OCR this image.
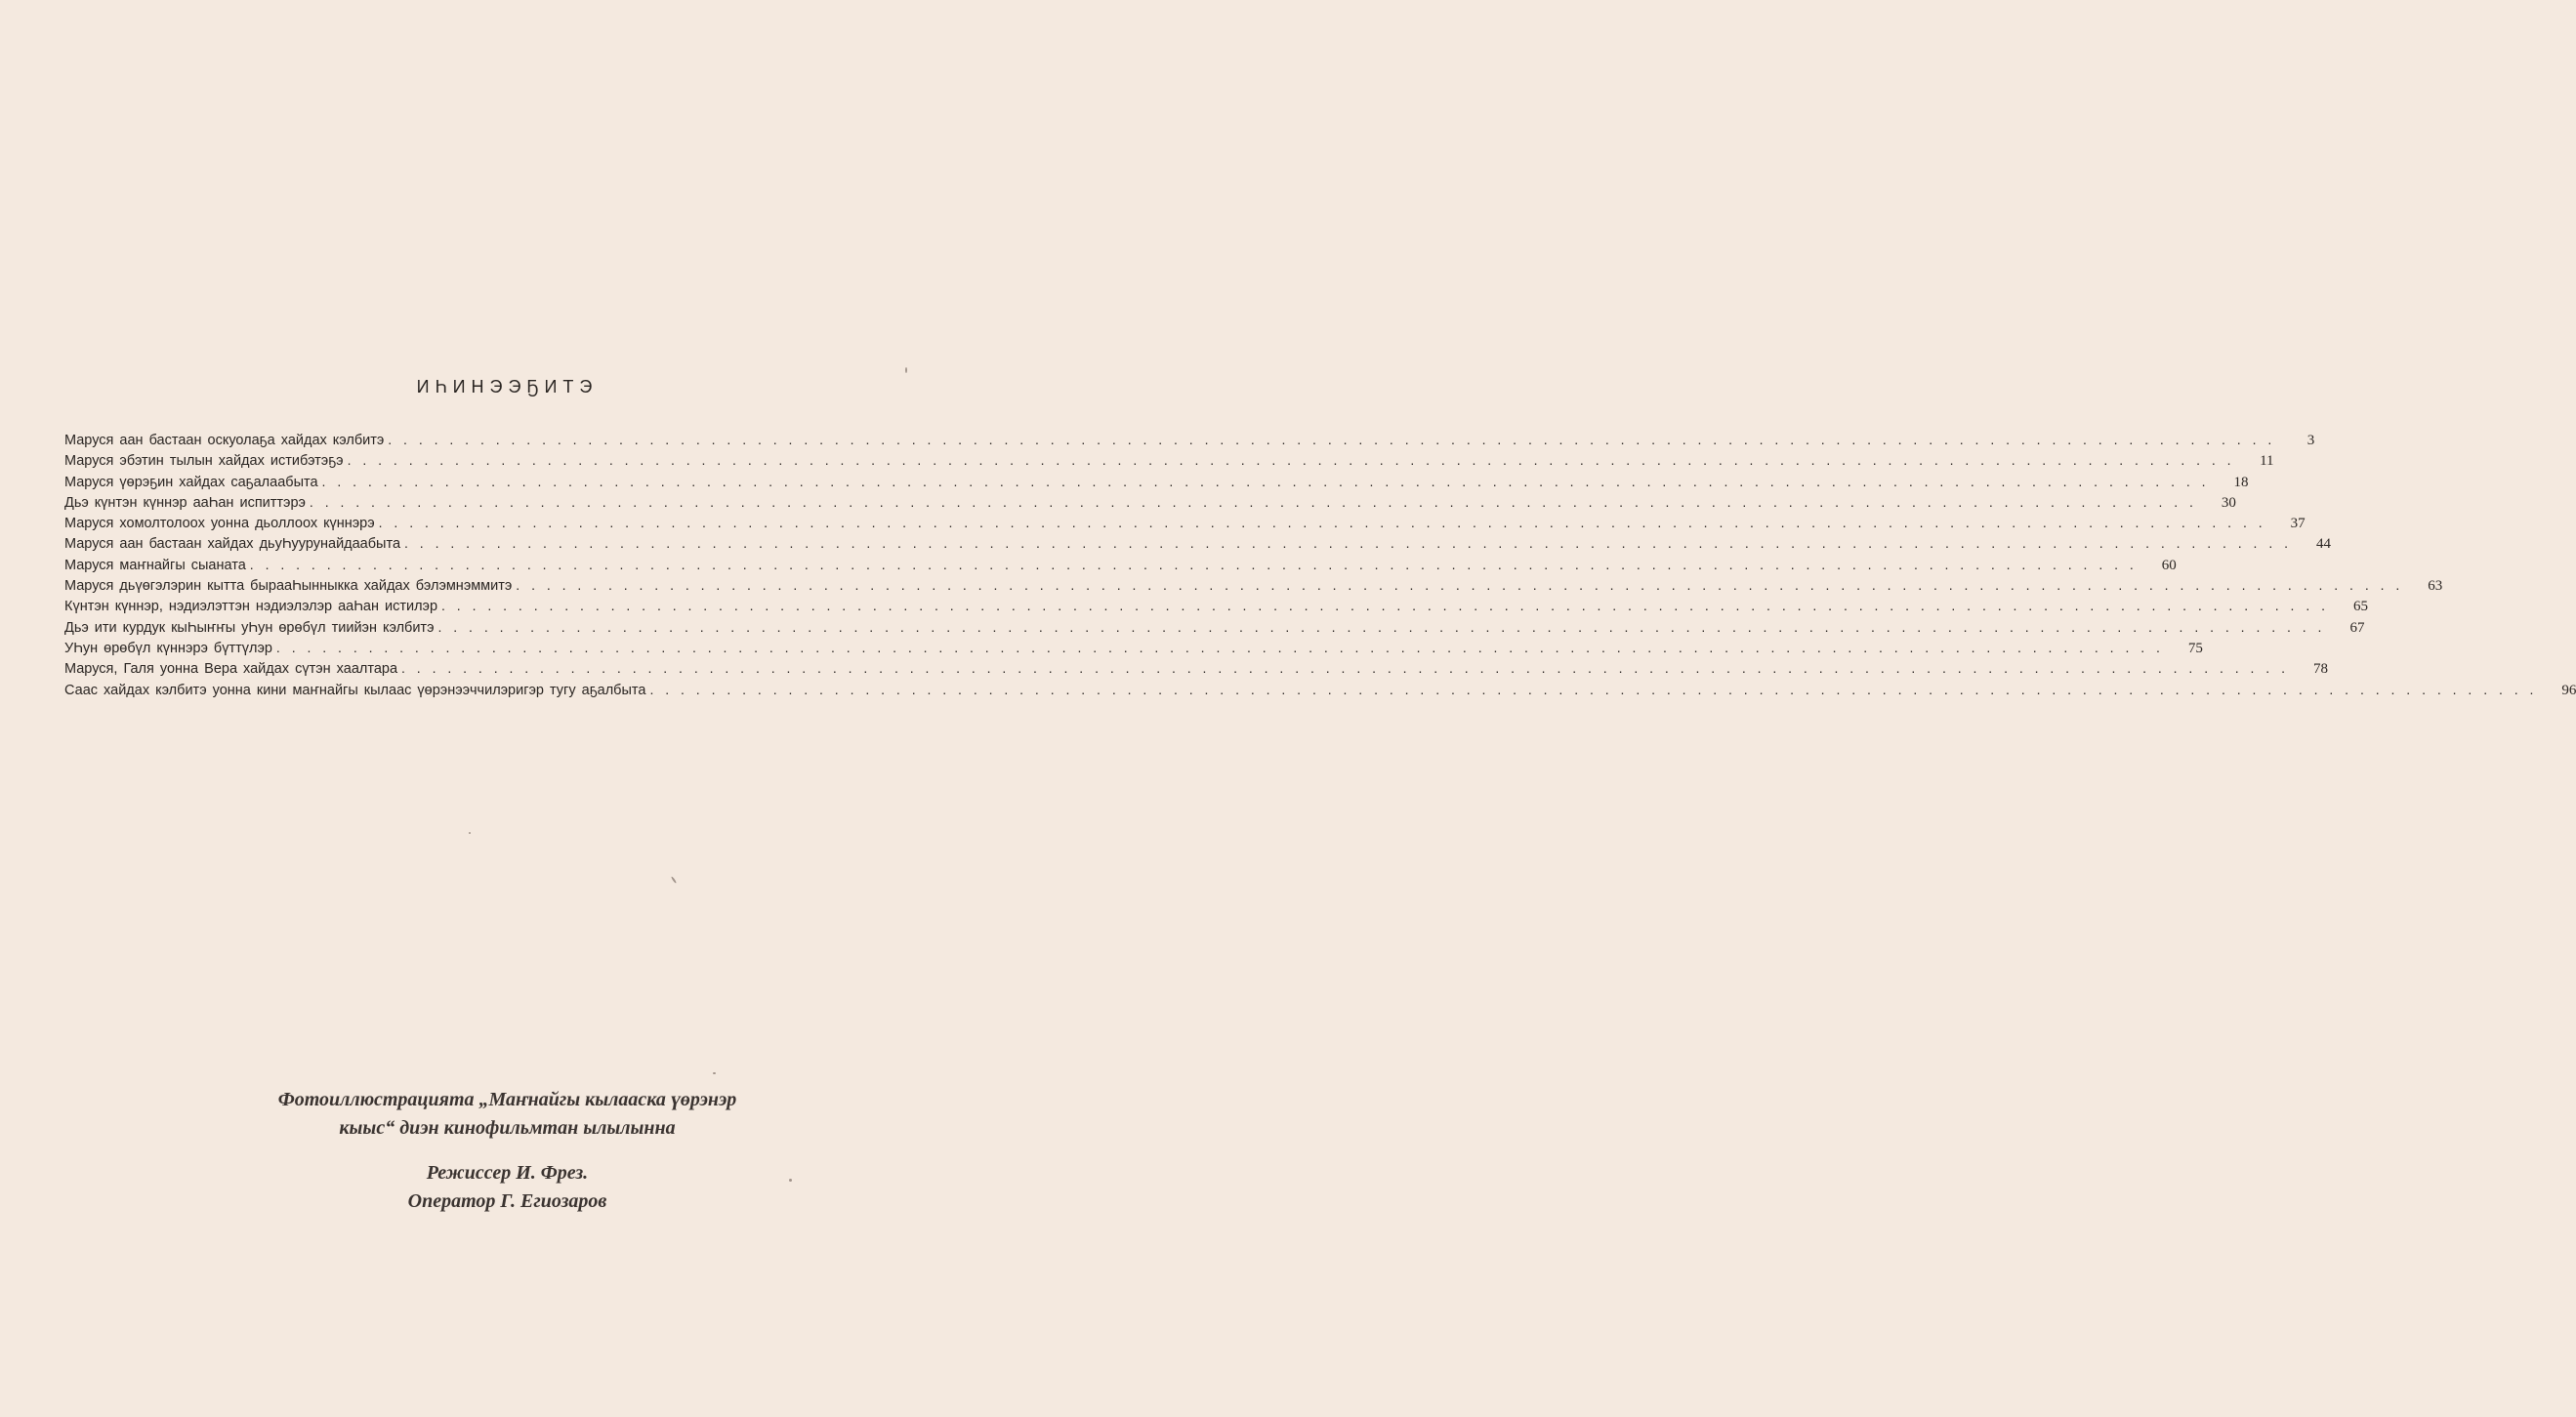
ИҺИНЭЭҔИТЭ
Маруся аан бастаан оскуолаҕа хайдах кэлбитэ . . .	3
Маруся эбэтин тылын хайдах истибэтэҕэ . . .	11
Маруся үөрэҕин хайдах саҕалаабыта . . .	18
Дьэ күнтэн күннэр ааҺан испиттэрэ . . .	30
Маруся хомолтолоох уонна дьоллоох күннэрэ . . .	37
Маруся аан бастаан хайдах дьуҺуурунайдаабыта . . .	44
Маруся маҥнайгы сыаната . . .	60
Маруся дьүөгэлэрин кытта бырааҺынныкка хайдах бэлэмнэммитэ . . .	63
Күнтэн күннэр, нэдиэлэттэн нэдиэлэлэр ааҺан истилэр . . .	65
Дьэ ити курдук кыҺыҥҥы уҺун өрөбүл тиийэн кэлбитэ . . .	67
УҺун өрөбүл күннэрэ бүттүлэр . . .	75
Маруся, Галя уонна Вера хайдах сүтэн хаалтара . . .	78
Саас хайдах кэлбитэ уонна кини маҥнайгы кылаас үөрэнээччилэригэр тугу аҕалбыта . . .	96
Фотоиллюстрацията „Маҥнайгы кылааска үөрэнэр
кыыс“ диэн кинофильмтан ылылынна
Режиссер И. Фрез.
Оператор Г. Егиозаров
